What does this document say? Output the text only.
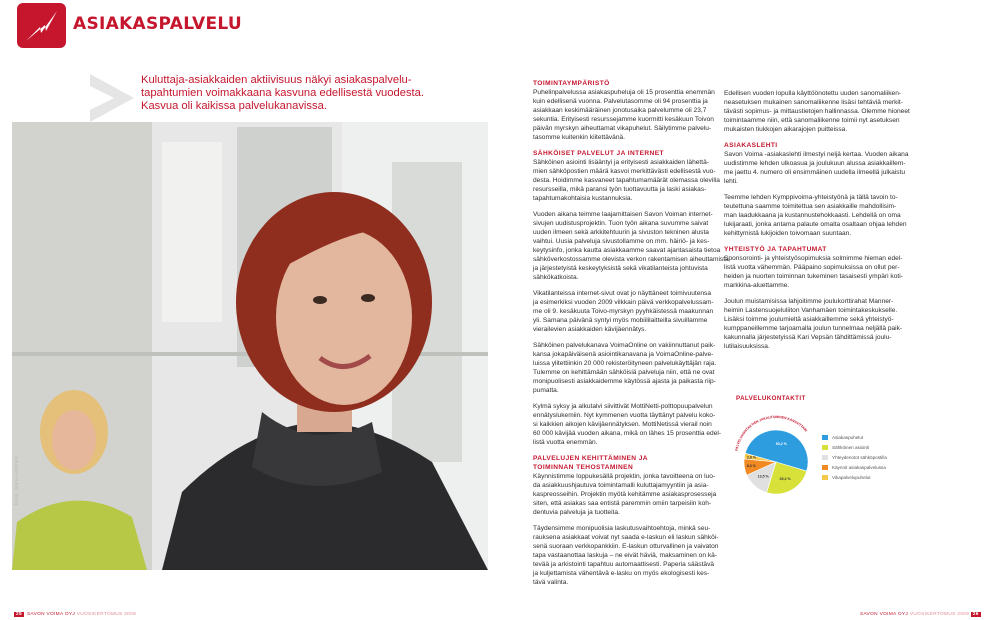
ASIAKASPALVELU
Kuluttaja-asiakkaiden aktiivisuus näkyi asiakaspalvelu-
tapahtumien voimakkaana kasvuna edellisestä vuodesta.
Kasvua oli kaikissa palvelukanavissa.
Kuva: Jaana Lahtinen
TOIMINTAYMPÄRISTÖ
Puhelinpalvelussa asiakaspuheluja oli 15 prosenttia enemmän
kuin edellisenä vuonna. Palvelutasomme oli 94 prosenttia ja
asiakkaan keskimääräinen jonotusaika palvelumme oli 23,7
sekuntia. Erityisesti resurssejamme kuormitti kesäkuun Toivon
päivän myrskyn aiheuttamat vikapuhelut. Säilytimme palvelu-
tasomme kuitenkin kiitettävänä.
SÄHKÖISET PALVELUT JA INTERNET
Sähköinen asiointi lisääntyi ja erityisesti asiakkaiden lähettä-
mien sähköpostien määrä kasvoi merkittävästi edellisestä vuo-
desta. Hoidimme kasvaneet tapahtumamäärät olemassa olevilla
resursseilla, mikä paransi työn tuottavuutta ja laski asiakas-
tapahtumakohtaisia kustannuksia.
Vuoden aikana teimme laajamittaisen Savon Voiman internet-
sivujen uudistusprojektin. Tuon työn aikana suvumme saivat
uuden ilmeen sekä arkkitehtuurin ja sivuston tekninen alusta
vaihtui. Uusia palveluja sivustollamme on mm. häiriö- ja kes-
keytysinfo, jonka kautta asiakkaamme saavat ajantasaista tietoa
sähköverkostossamme olevista verkon rakentamisen aiheuttamista
ja järjestetyistä keskeytyksistä sekä vikatilanteista johtuvista
sähkökatkoista.
Vikatilanteissa internet-sivut ovat jo näyttäneet toimivuutensa
ja esimerkiksi vuoden 2009 vilkkain päivä verkkopalvelussam-
me oli 9. kesäkuuta Toivo-myrskyn pyyhkäistessä maakunnan
yli. Samana päivänä syntyi myös mobiililaitteilla sivuillamme
vierailevien asiakkaiden kävijäennätys.
Sähköinen palvelukanava VoimaOnline on vakiinnuttanut paik-
kansa jokapäiväisenä asiointikanavana ja VoimaOnline-palve-
luissa ylitettiinkin 20 000 rekisteröityneen palvelukäyttäjän raja.
Tulemme on kehittämään sähköisiä palveluja niin, että ne ovat
monipuolisesti asiakkaidemme käytössä ajasta ja paikasta riip-
pumatta.
Kylmä syksy ja alkutalvi siivittivät MottiNetti-polttopuupalvelun
ennätyslukemiin. Nyt kymmenen vuotta täyttänyt palvelu koko-
si kaikkien aikojen kävijäennätyksen. MottiNetissä vierail noin
60 000 kävijää vuoden aikana, mikä on lähes 15 prosenttia edel-
listä vuotta enemmän.
PALVELUJEN KEHITTÄMINEN JA
TOIMINNAN TEHOSTAMINEN
Käynnistimme loppukesällä projektin, jonka tavoitteena on luo-
da asiakkuushjautuva toimintamalli kuluttajamyyntiin ja asia-
kaspreosseihin. Projektin myötä kehitämme asiakasprosesseja
siten, että asiakas saa entistä paremmin omiin tarpeisiin koh-
dentuvia palveluja ja tuotteita.
Täydensimme monipuolisia laskutusvaihtoehtoja, minkä seu-
rauksena asiakkaat voivat nyt saada e-laskun eli laskun sähköi-
senä suoraan verkkopankkiin. E-laskun otturvallinen ja vaivaton
tapa vastaanottaa laskuja – ne eivät häviä, maksaminen on kä-
tevää ja arkistointi tapahtuu automaattisesti. Paperia säästävä
ja kuljettamista vähentävä e-lasku on myös ekologisesti kes-
tävä valinta.
Edellisen vuoden lopulla käyttöönotettu uuden sanomaliiken-
neasetuksen mukainen sanomaliikenne lisäsi tehtäviä merkit-
tävästi sopimus- ja mittaustietojen hallinnassa. Olemme hioneet
toimintaamme niin, että sanomaliikenne toimii nyt asetuksen
mukaisten tiukkojen aikarajojen puitteissa.
ASIAKASLEHTI
Savon Voima -asiakaslehti ilmestyi neljä kertaa. Vuoden aikana
uudistimme lehden ulkoasua ja joulukuun alussa asiakkaillem-
me jaettu 4. numero oli ensimmäinen uudella ilmeellä julkaistu
lehti.
Teemme lehden Kymppivoima-yhteistyönä ja tällä tavoin to-
teutettuna saamme toimitettua sen asiakkaille mahdollisim-
man laadukkaana ja kustannustehokkaasti. Lehdellä on oma
lukijaraati, jonka antama palaute omalta osaltaan ohjaa lehden
kehittymistä lukijoiden toivomaan suuntaan.
YHTEISTYÖ JA TAPAHTUMAT
Sponsorointi- ja yhteistyösopimuksia solmimme hieman edel-
listä vuotta vähemmän. Pääpaino sopimuksissa on ollut per-
heiden ja nuorten toiminnan tukeminen tasaisesti ympäri koti-
markkina-aluettamme.
Joulun muistamisissa lahjoitimme joulukorttirahat Manner-
heimin Lastensuojeluliiton Vanhamäen toimintakeskukselle.
Lisäksi toimme joulumieltä asiakkaillemme sekä yhteistyö-
kumppaneillemme tarjoamalla joulun tunnelmaa neljällä paik-
kakunnalla järjestetyissä Kari Vepsän tähdittämissä joulu-
lutilaisuuksissa.
PALVELUKONTAKTIT
PALVELUKONTAKTIEN JAKAUTUMINEN KANAVITTAIN
50,2 %
25,2 %
13,5 %
8,3 %
2,8 %
Asiakaspuhelut
Sähköinen asiointi
Yhteydenotot sähköpostilla
Käynnit asiakaspalvelussa
Vikapalvelupuhelut
25 SAVON VOIMA OYJ VUOSIKERTOMUS 2009	SAVON VOIMA OYJ VUOSIKERTOMUS 2009 26
